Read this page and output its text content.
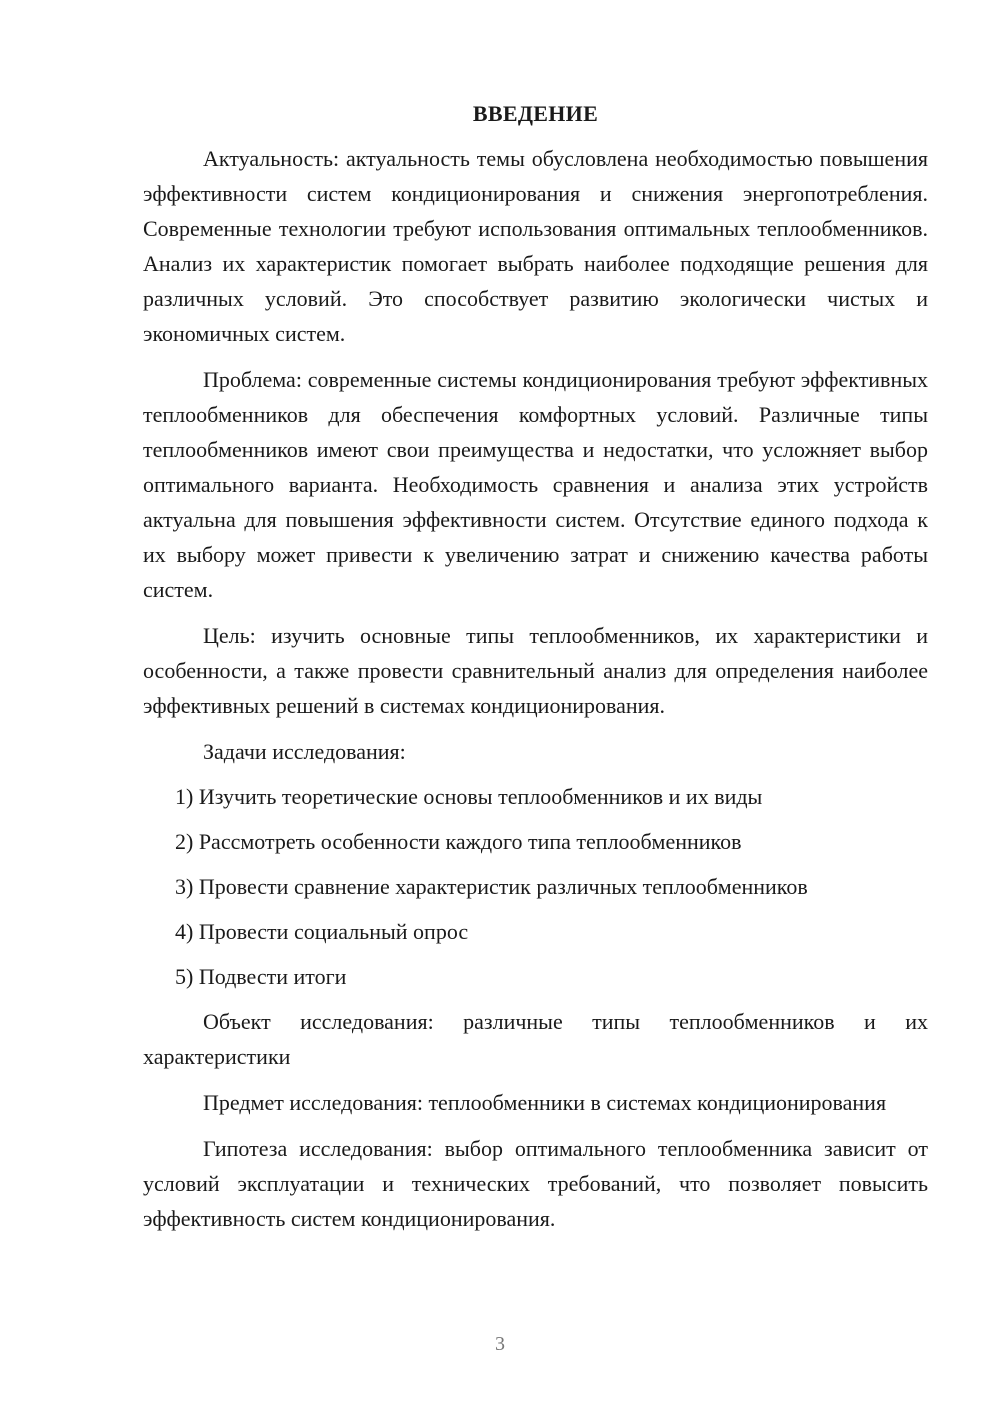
ВВЕДЕНИЕ

Актуальность: актуальность темы обусловлена необходимостью повышения эффективности систем кондиционирования и снижения энергопотребления. Современные технологии требуют использования оптимальных теплообменников. Анализ их характеристик помогает выбрать наиболее подходящие решения для различных условий. Это способствует развитию экологически чистых и экономичных систем.

Проблема: современные системы кондиционирования требуют эффективных теплообменников для обеспечения комфортных условий. Различные типы теплообменников имеют свои преимущества и недостатки, что усложняет выбор оптимального варианта. Необходимость сравнения и анализа этих устройств актуальна для повышения эффективности систем. Отсутствие единого подхода к их выбору может привести к увеличению затрат и снижению качества работы систем.

Цель: изучить основные типы теплообменников, их характеристики и особенности, а также провести сравнительный анализ для определения наиболее эффективных решений в системах кондиционирования.

Задачи исследования:

1) Изучить теоретические основы теплообменников и их виды
2) Рассмотреть особенности каждого типа теплообменников
3) Провести сравнение характеристик различных теплообменников
4) Провести социальный опрос
5) Подвести итоги

Объект исследования: различные типы теплообменников и их характеристики

Предмет исследования: теплообменники в системах кондиционирования

Гипотеза исследования: выбор оптимального теплообменника зависит от условий эксплуатации и технических требований, что позволяет повысить эффективность систем кондиционирования.

3
